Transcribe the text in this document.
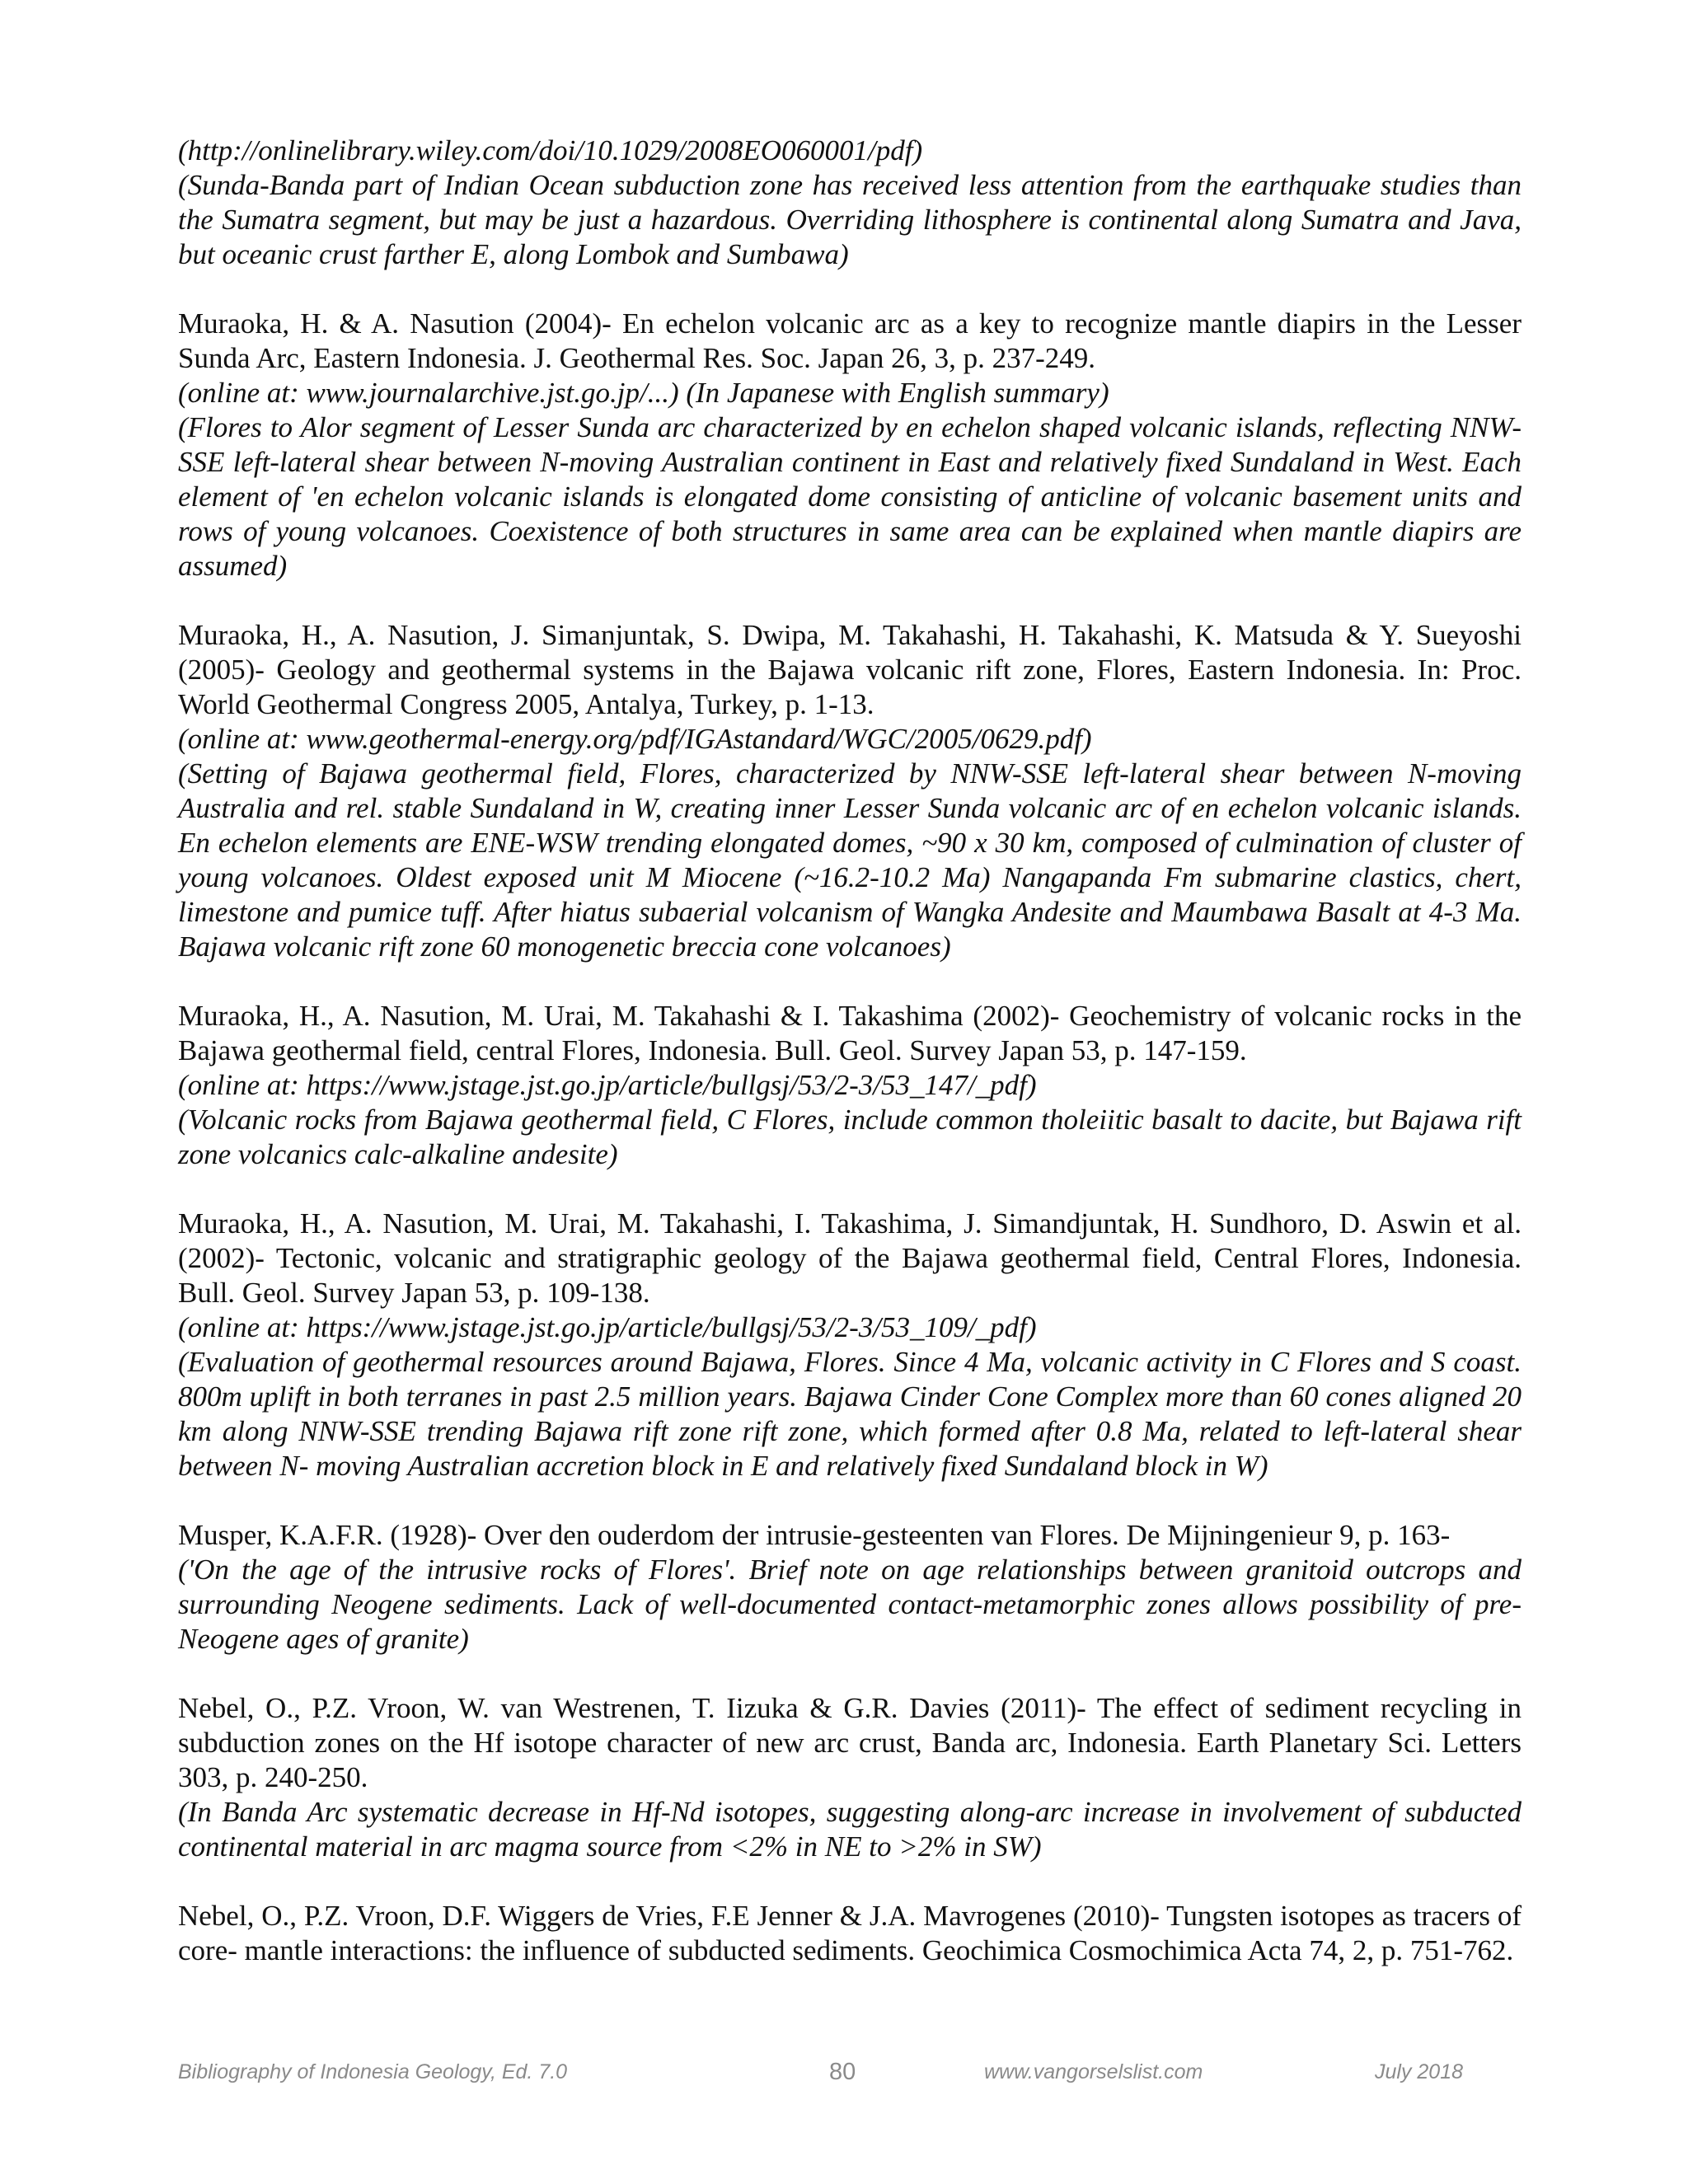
(http://onlinelibrary.wiley.com/doi/10.1029/2008EO060001/pdf)

(Sunda-Banda part of Indian Ocean subduction zone has received less attention from the earthquake studies than the Sumatra segment, but may be just a hazardous. Overriding lithosphere is continental along Sumatra and Java, but oceanic crust farther E, along Lombok and Sumbawa)

Muraoka, H. & A. Nasution (2004)- En echelon volcanic arc as a key to recognize mantle diapirs in the Lesser Sunda Arc, Eastern Indonesia. J. Geothermal Res. Soc. Japan 26, 3, p. 237-249.

(online at: www.journalarchive.jst.go.jp/...) (In Japanese with English summary)

(Flores to Alor segment of Lesser Sunda arc characterized by en echelon shaped volcanic islands, reflecting NNW-SSE left-lateral shear between N-moving Australian continent in East and relatively fixed Sundaland in West. Each element of 'en echelon volcanic islands is elongated dome consisting of anticline of volcanic basement units and rows of young volcanoes. Coexistence of both structures in same area can be explained when mantle diapirs are assumed)

Muraoka, H., A. Nasution, J. Simanjuntak, S. Dwipa, M. Takahashi, H. Takahashi, K. Matsuda & Y. Sueyoshi (2005)- Geology and geothermal systems in the Bajawa volcanic rift zone, Flores, Eastern Indonesia. In: Proc. World Geothermal Congress 2005, Antalya, Turkey, p. 1-13.

(online at: www.geothermal-energy.org/pdf/IGAstandard/WGC/2005/0629.pdf)

(Setting of Bajawa geothermal field, Flores, characterized by NNW-SSE left-lateral shear between N-moving Australia and rel. stable Sundaland in W, creating inner Lesser Sunda volcanic arc of en echelon volcanic islands. En echelon elements are ENE-WSW trending elongated domes, ~90 x 30 km, composed of culmination of cluster of young volcanoes. Oldest exposed unit M Miocene (~16.2-10.2 Ma) Nangapanda Fm submarine clastics, chert, limestone and pumice tuff. After hiatus subaerial volcanism of Wangka Andesite and Maumbawa Basalt at 4-3 Ma. Bajawa volcanic rift zone 60 monogenetic breccia cone volcanoes)

Muraoka, H., A. Nasution, M. Urai, M. Takahashi & I. Takashima (2002)- Geochemistry of volcanic rocks in the Bajawa geothermal field, central Flores, Indonesia. Bull. Geol. Survey Japan 53, p. 147-159.

(online at: https://www.jstage.jst.go.jp/article/bullgsj/53/2-3/53_147/_pdf)

(Volcanic rocks from Bajawa geothermal field, C Flores, include common tholeiitic basalt to dacite, but Bajawa rift zone volcanics calc-alkaline andesite)

Muraoka, H., A. Nasution, M. Urai, M. Takahashi, I. Takashima, J. Simandjuntak, H. Sundhoro, D. Aswin et al. (2002)- Tectonic, volcanic and stratigraphic geology of the Bajawa geothermal field, Central Flores, Indonesia. Bull. Geol. Survey Japan 53, p. 109-138.

(online at: https://www.jstage.jst.go.jp/article/bullgsj/53/2-3/53_109/_pdf)

(Evaluation of geothermal resources around Bajawa, Flores. Since 4 Ma, volcanic activity in C Flores and S coast. 800m uplift in both terranes in past 2.5 million years. Bajawa Cinder Cone Complex more than 60 cones aligned 20 km along NNW-SSE trending Bajawa rift zone rift zone, which formed after 0.8 Ma, related to left-lateral shear between N- moving Australian accretion block in E and relatively fixed Sundaland block in W)

Musper, K.A.F.R. (1928)- Over den ouderdom der intrusie-gesteenten van Flores. De Mijningenieur 9, p. 163-

('On the age of the intrusive rocks of Flores'. Brief note on age relationships between granitoid outcrops and surrounding Neogene sediments. Lack of well-documented contact-metamorphic zones allows possibility of pre-Neogene ages of granite)

Nebel, O., P.Z. Vroon, W. van Westrenen, T. Iizuka & G.R. Davies (2011)- The effect of sediment recycling in subduction zones on the Hf isotope character of new arc crust, Banda arc, Indonesia. Earth Planetary Sci. Letters 303, p. 240-250.

(In Banda Arc systematic decrease in Hf-Nd isotopes, suggesting along-arc increase in involvement of subducted continental material in arc magma source from <2% in NE to >2% in SW)

Nebel, O., P.Z. Vroon, D.F. Wiggers de Vries, F.E Jenner & J.A. Mavrogenes (2010)- Tungsten isotopes as tracers of core- mantle interactions: the influence of subducted sediments. Geochimica Cosmochimica Acta 74, 2, p. 751-762.

Bibliography of Indonesia Geology, Ed. 7.0	80	www.vangorselslist.com	July 2018
